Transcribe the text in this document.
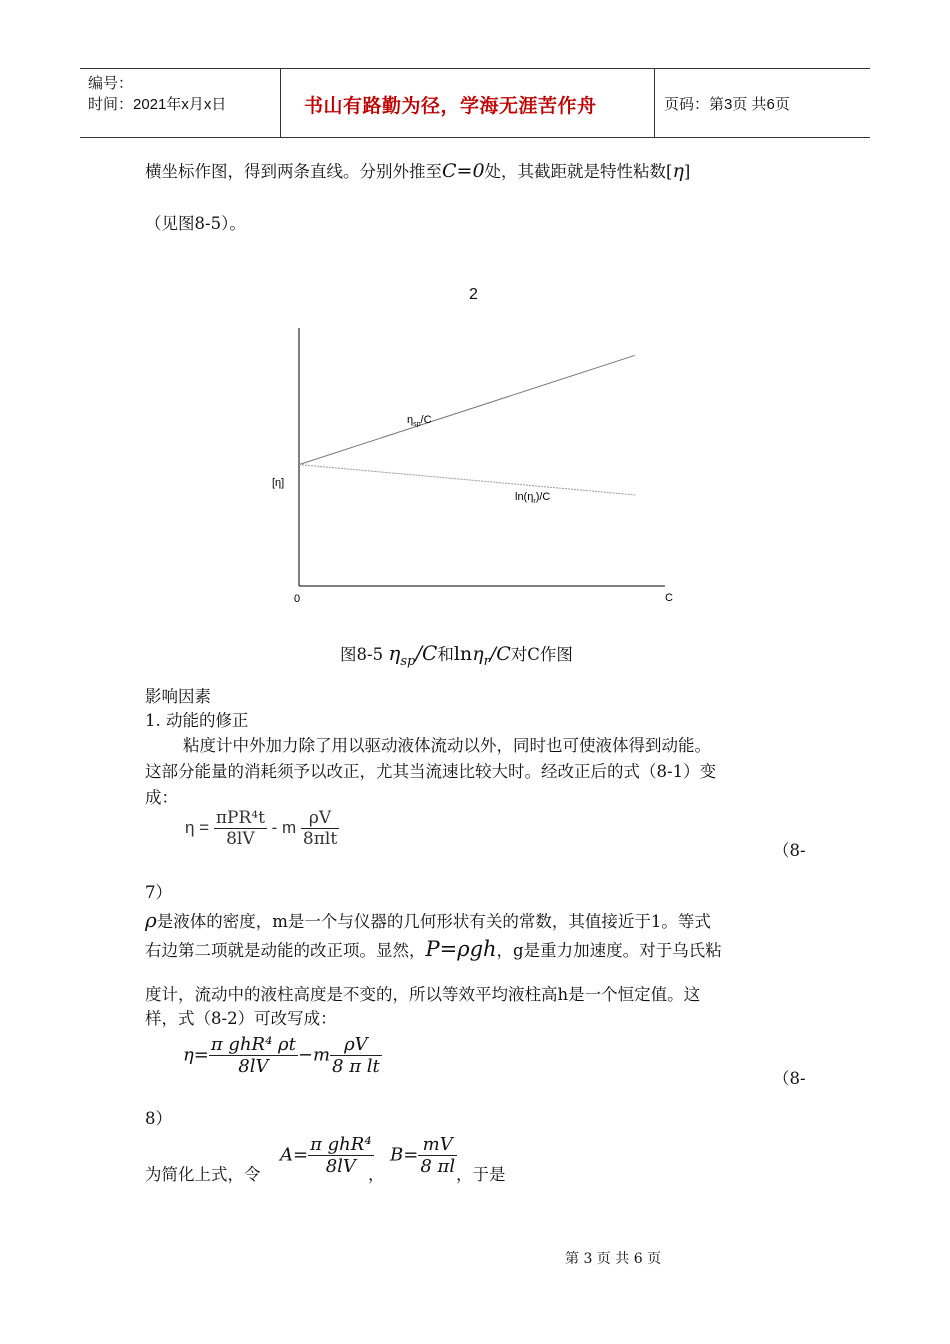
编号：
时间：2021年x月x日	书山有路勤为径，学海无涯苦作舟	页码：第3页 共6页
横坐标作图，得到两条直线。分别外推至C=0处，其截距就是特性粘数[η]
（见图8-5）。
2
$\eta_{sp}/C$
$\ln(\eta_r)/C$
[η]
0	C
图8-5 $\eta_{sp}/C$和lnη$_r$/C对C作图
影响因素
1. 动能的修正
粘度计中外加力除了用以驱动液体流动以外，同时也可使液体得到动能。
这部分能量的消耗须予以改正，尤其当流速比较大时。经改正后的式（8-1）变
成：
$\eta = \frac{\text{πPR⁴t}}{8lV} - m \frac{\rho V}{\text{8πlt}}$
（8-
7）
ρ是液体的密度，m是一个与仪器的几何形状有关的常数，其值接近于1。等式
右边第二项就是动能的改正项。显然，P=ρgh，g是重力加速度。对于乌氏粘
度计，流动中的液柱高度是不变的，所以等效平均液柱高h是一个恒定值。这
样，式（8-2）可改写成：
$\eta= \frac{\text{π ghR⁴ ρt}}{8lV} -m \frac{\rho V}{\text{8 π lt}}$
（8-
8）
为简化上式，令
$A= \frac{\text{π ghR⁴}}{8lV}$
，
$B= \frac{mV}{8 \pi l}$
，于是
第 3 页 共 6 页
